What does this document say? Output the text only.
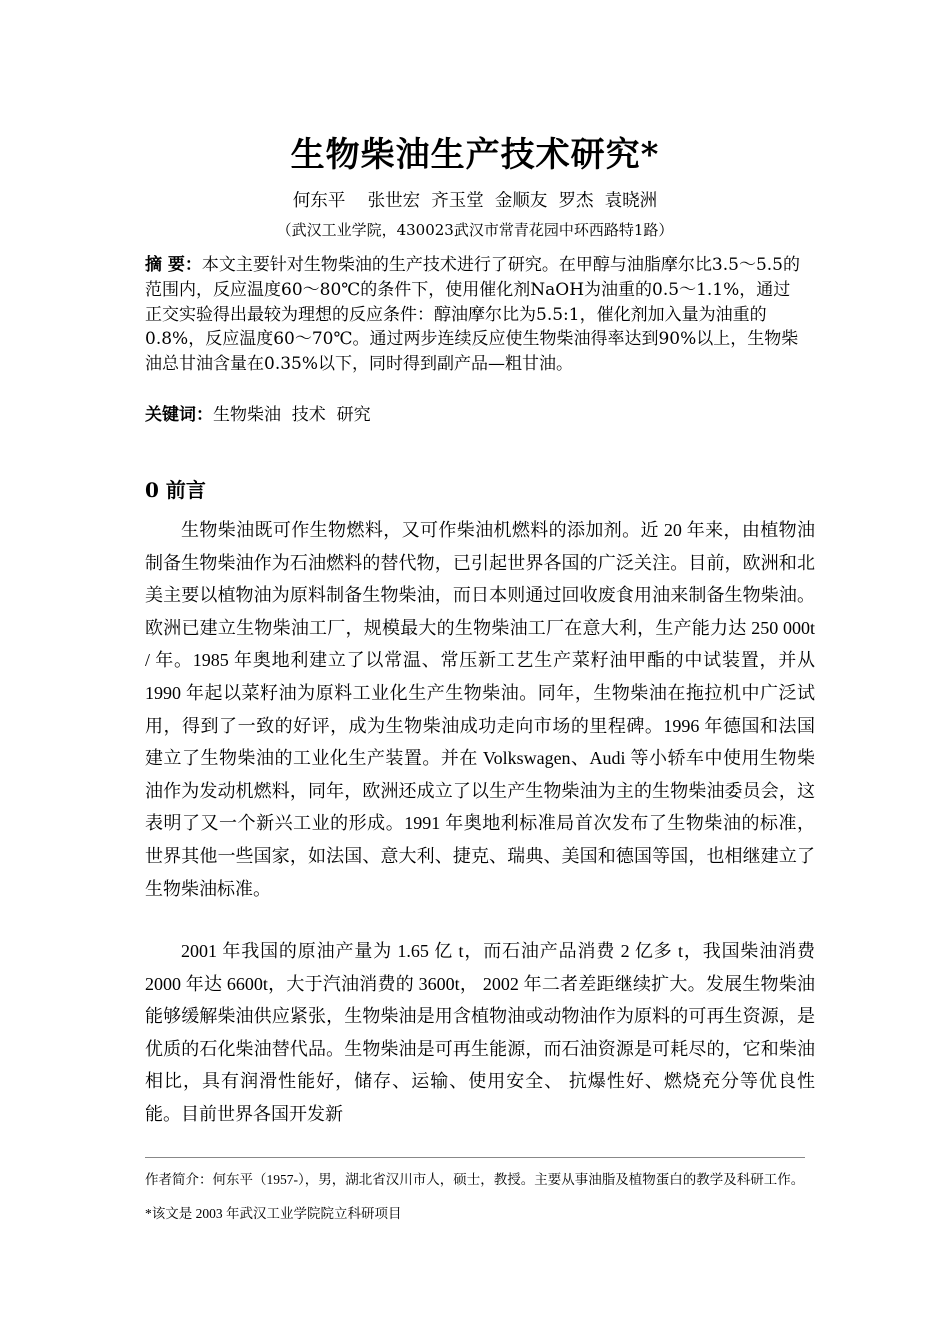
生物柴油生产技术研究*
何东平    张世宏  齐玉堂  金顺友  罗杰  袁晓洲
（武汉工业学院，430023武汉市常青花园中环西路特1路）
摘 要：本文主要针对生物柴油的生产技术进行了研究。在甲醇与油脂摩尔比3.5～5.5的范围内，反应温度60～80℃的条件下，使用催化剂NaOH为油重的0.5～1.1%，通过正交实验得出最较为理想的反应条件：醇油摩尔比为5.5:1，催化剂加入量为油重的0.8%，反应温度60～70℃。通过两步连续反应使生物柴油得率达到90%以上，生物柴油总甘油含量在0.35%以下，同时得到副产品—粗甘油。
关键词：生物柴油  技术  研究
0 前言

生物柴油既可作生物燃料，又可作柴油机燃料的添加剂。近 20 年来，由植物油制备生物柴油作为石油燃料的替代物，已引起世界各国的广泛关注。目前，欧洲和北美主要以植物油为原料制备生物柴油，而日本则通过回收废食用油来制备生物柴油。欧洲已建立生物柴油工厂，规模最大的生物柴油工厂在意大利，生产能力达 250 000t / 年。1985 年奥地利建立了以常温、常压新工艺生产菜籽油甲酯的中试装置，并从 1990 年起以菜籽油为原料工业化生产生物柴油。同年，生物柴油在拖拉机中广泛试用，得到了一致的好评，成为生物柴油成功走向市场的里程碑。1996 年德国和法国建立了生物柴油的工业化生产装置。并在 Volkswagen、Audi 等小轿车中使用生物柴油作为发动机燃料，同年，欧洲还成立了以生产生物柴油为主的生物柴油委员会，这表明了又一个新兴工业的形成。1991 年奥地利标准局首次发布了生物柴油的标准，世界其他一些国家，如法国、意大利、捷克、瑞典、美国和德国等国，也相继建立了生物柴油标准。

2001 年我国的原油产量为 1.65 亿 t，而石油产品消费 2 亿多 t，我国柴油消费 2000 年达 6600t，大于汽油消费的 3600t， 2002 年二者差距继续扩大。发展生物柴油能够缓解柴油供应紧张，生物柴油是用含植物油或动物油作为原料的可再生资源，是优质的石化柴油替代品。生物柴油是可再生能源，而石油资源是可耗尽的，它和柴油相比，具有润滑性能好，储存、运输、使用安全、 抗爆性好、燃烧充分等优良性能。目前世界各国开发新

作者简介：何东平（1957-），男，湖北省汉川市人，硕士，教授。主要从事油脂及植物蛋白的教学及科研工作。*该文是 2003 年武汉工业学院院立科研项目
